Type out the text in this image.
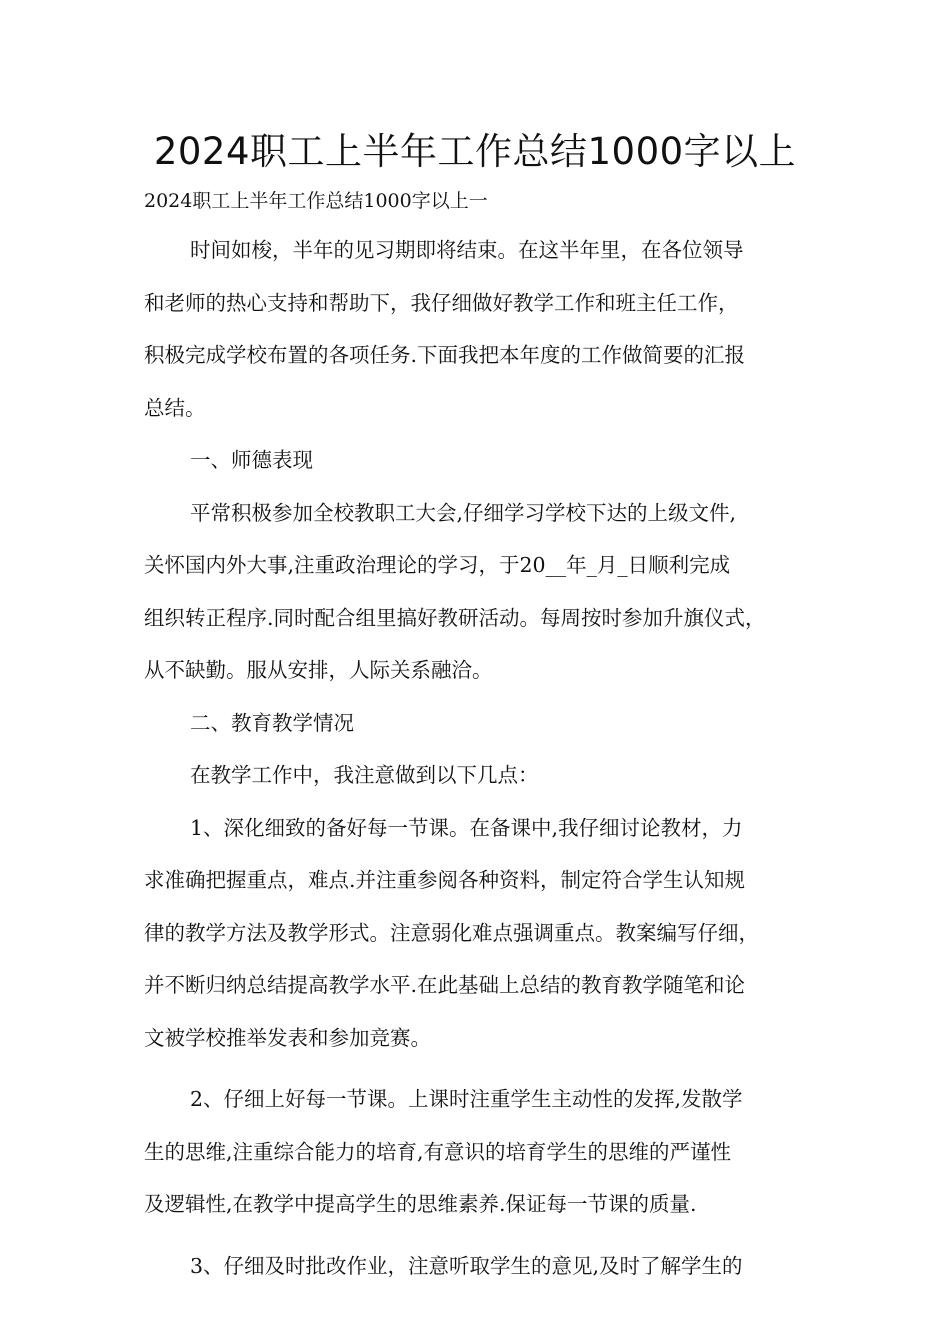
2024职工上半年工作总结1000字以上

2024职工上半年工作总结1000字以上一

时间如梭，半年的见习期即将结束。在这半年里，在各位领导

和老师的热心支持和帮助下，我仔细做好教学工作和班主任工作，

积极完成学校布置的各项任务.下面我把本年度的工作做简要的汇报

总结。

一、师德表现

平常积极参加全校教职工大会,仔细学习学校下达的上级文件,

关怀国内外大事,注重政治理论的学习，于20__年_月_日顺利完成

组织转正程序.同时配合组里搞好教研活动。每周按时参加升旗仪式，

从不缺勤。服从安排，人际关系融洽。

二、教育教学情况

在教学工作中，我注意做到以下几点：

1、深化细致的备好每一节课。在备课中,我仔细讨论教材，力

求准确把握重点，难点.并注重参阅各种资料，制定符合学生认知规

律的教学方法及教学形式。注意弱化难点强调重点。教案编写仔细，

并不断归纳总结提高教学水平.在此基础上总结的教育教学随笔和论

文被学校推举发表和参加竞赛。

2、仔细上好每一节课。上课时注重学生主动性的发挥,发散学

生的思维,注重综合能力的培育,有意识的培育学生的思维的严谨性

及逻辑性,在教学中提高学生的思维素养.保证每一节课的质量.

3、仔细及时批改作业，注意听取学生的意见,及时了解学生的
